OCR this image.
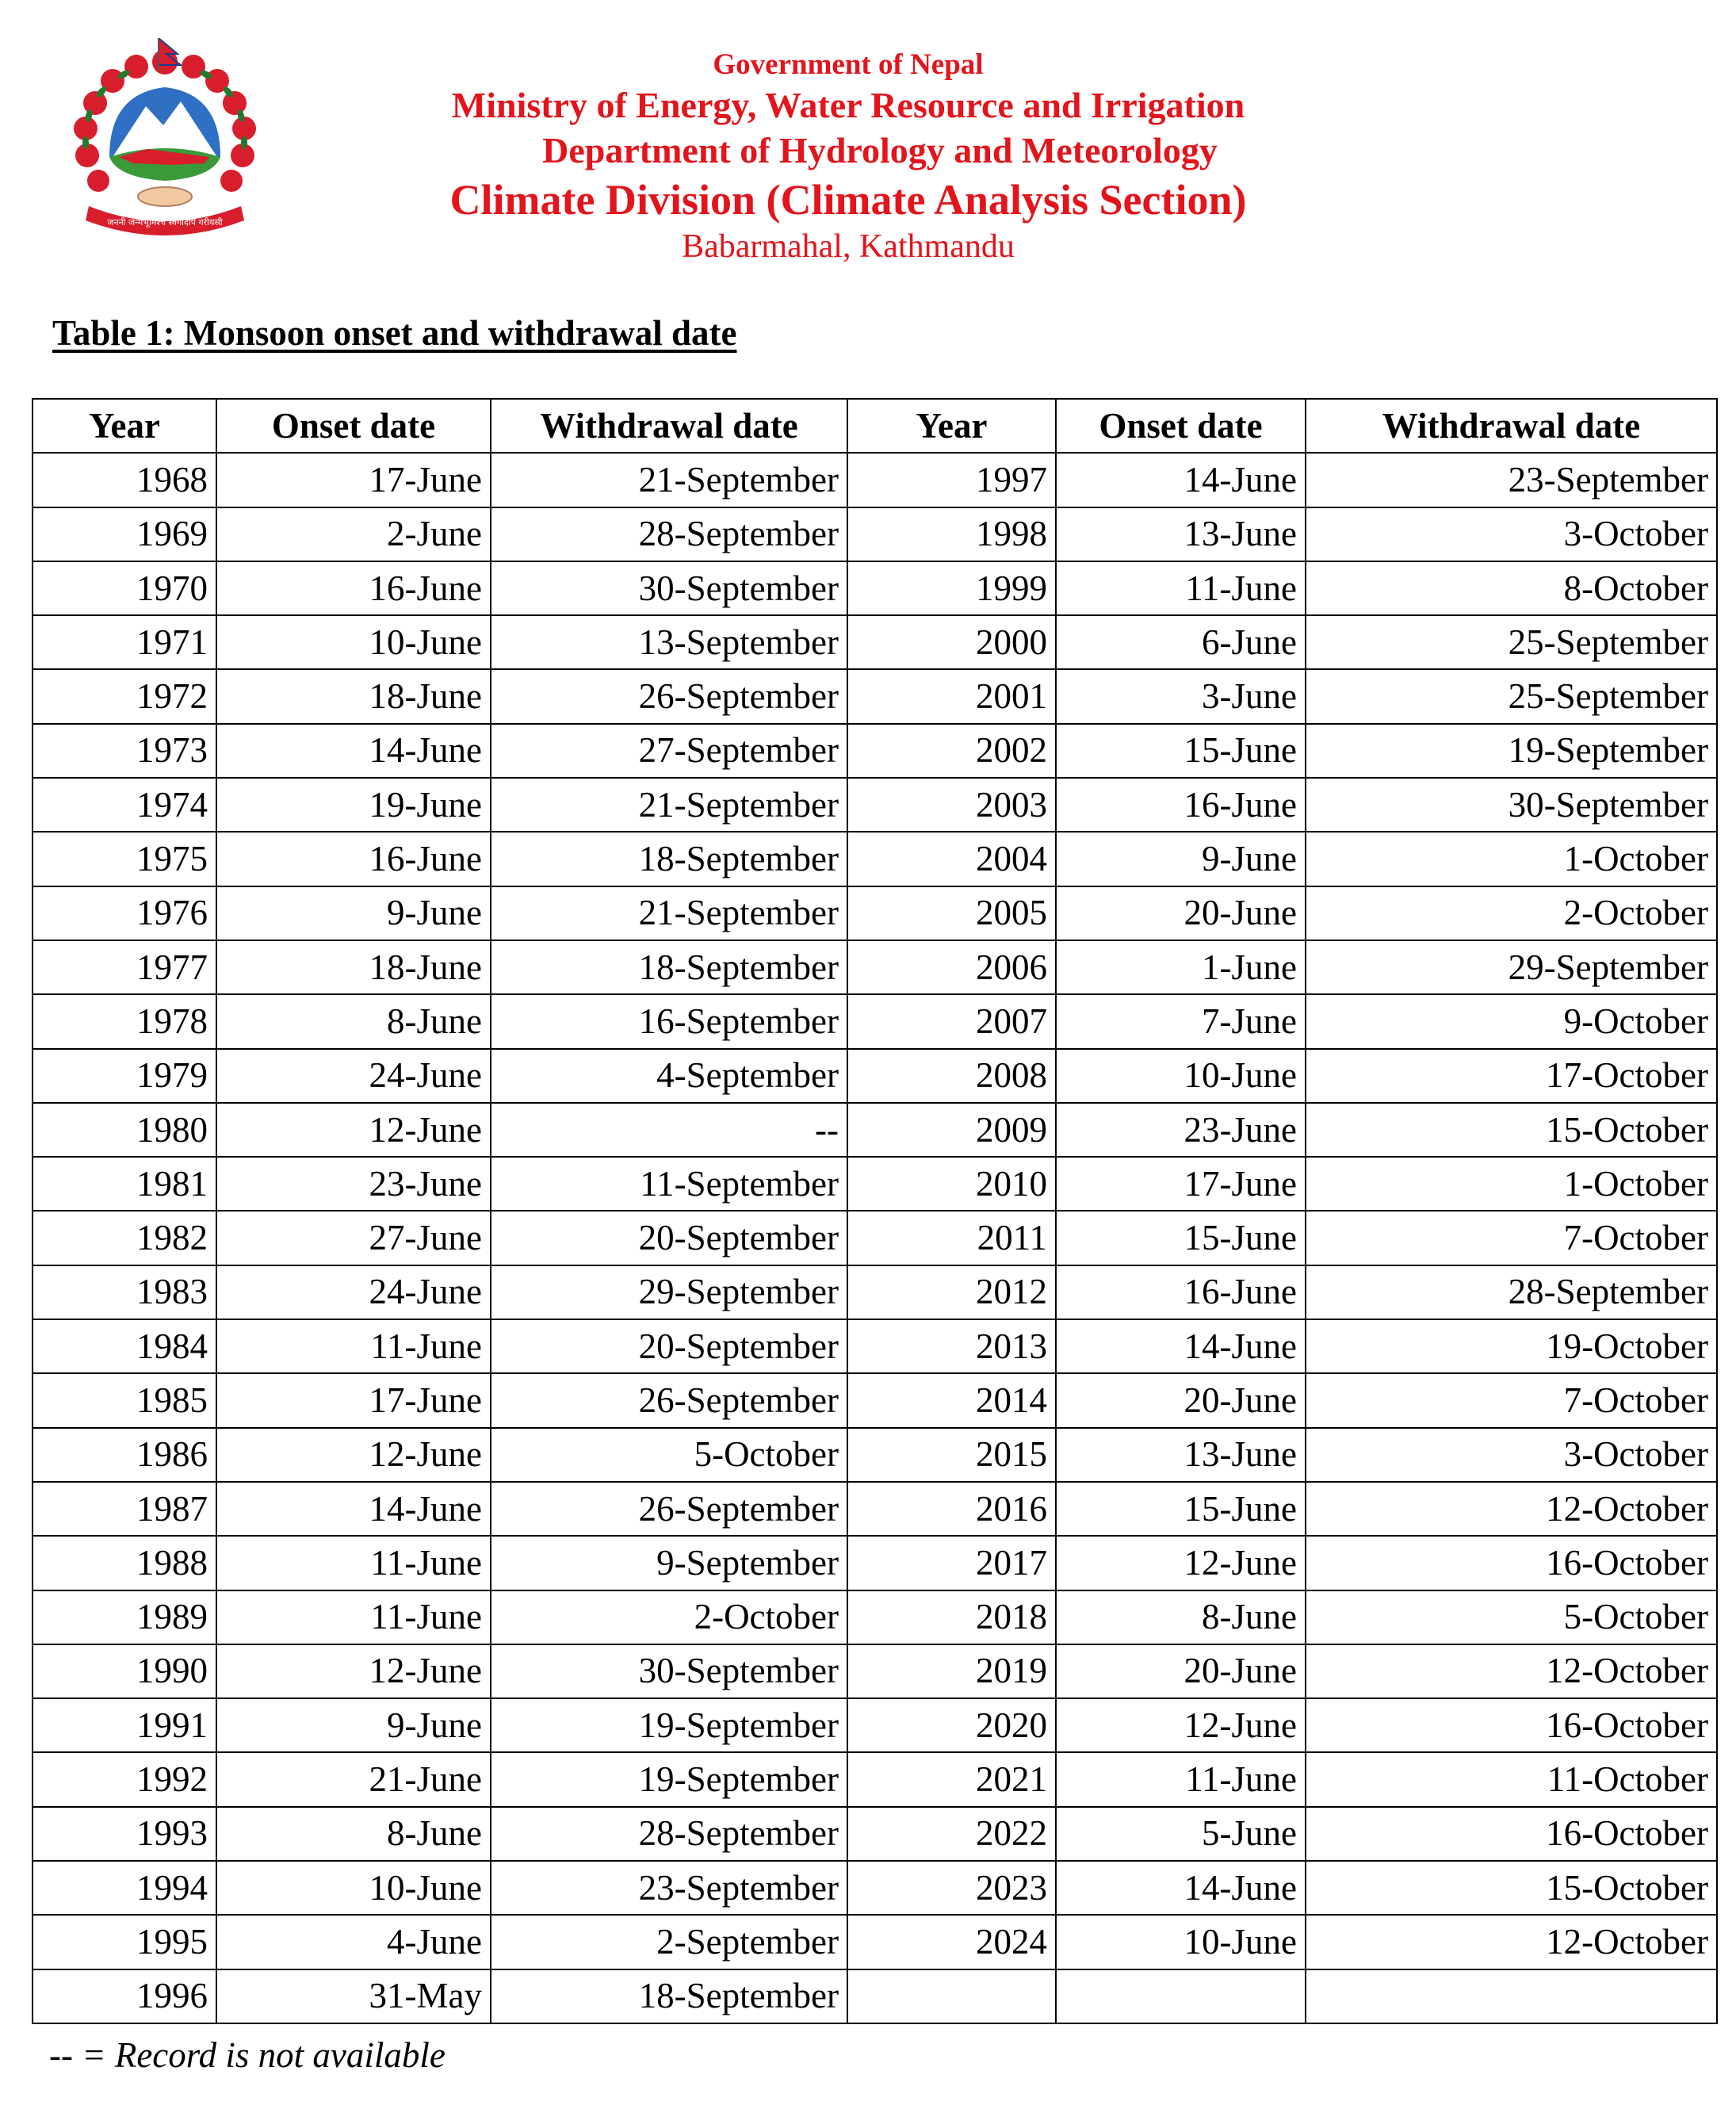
जननी जन्मभूमिश्च स्वर्गादपि गरीयसी
Government of Nepal
Ministry of Energy, Water Resource and Irrigation
Department of Hydrology and Meteorology
Climate Division (Climate Analysis Section)
Babarmahal, Kathmandu
Table 1: Monsoon onset and withdrawal date
Year	Onset date	Withdrawal date	Year	Onset date	Withdrawal date
1968	17-June	21-September	1997	14-June	23-September
1969	2-June	28-September	1998	13-June	3-October
1970	16-June	30-September	1999	11-June	8-October
1971	10-June	13-September	2000	6-June	25-September
1972	18-June	26-September	2001	3-June	25-September
1973	14-June	27-September	2002	15-June	19-September
1974	19-June	21-September	2003	16-June	30-September
1975	16-June	18-September	2004	9-June	1-October
1976	9-June	21-September	2005	20-June	2-October
1977	18-June	18-September	2006	1-June	29-September
1978	8-June	16-September	2007	7-June	9-October
1979	24-June	4-September	2008	10-June	17-October
1980	12-June	--	2009	23-June	15-October
1981	23-June	11-September	2010	17-June	1-October
1982	27-June	20-September	2011	15-June	7-October
1983	24-June	29-September	2012	16-June	28-September
1984	11-June	20-September	2013	14-June	19-October
1985	17-June	26-September	2014	20-June	7-October
1986	12-June	5-October	2015	13-June	3-October
1987	14-June	26-September	2016	15-June	12-October
1988	11-June	9-September	2017	12-June	16-October
1989	11-June	2-October	2018	8-June	5-October
1990	12-June	30-September	2019	20-June	12-October
1991	9-June	19-September	2020	12-June	16-October
1992	21-June	19-September	2021	11-June	11-October
1993	8-June	28-September	2022	5-June	16-October
1994	10-June	23-September	2023	14-June	15-October
1995	4-June	2-September	2024	10-June	12-October
1996	31-May	18-September			
-- = Record is not available
